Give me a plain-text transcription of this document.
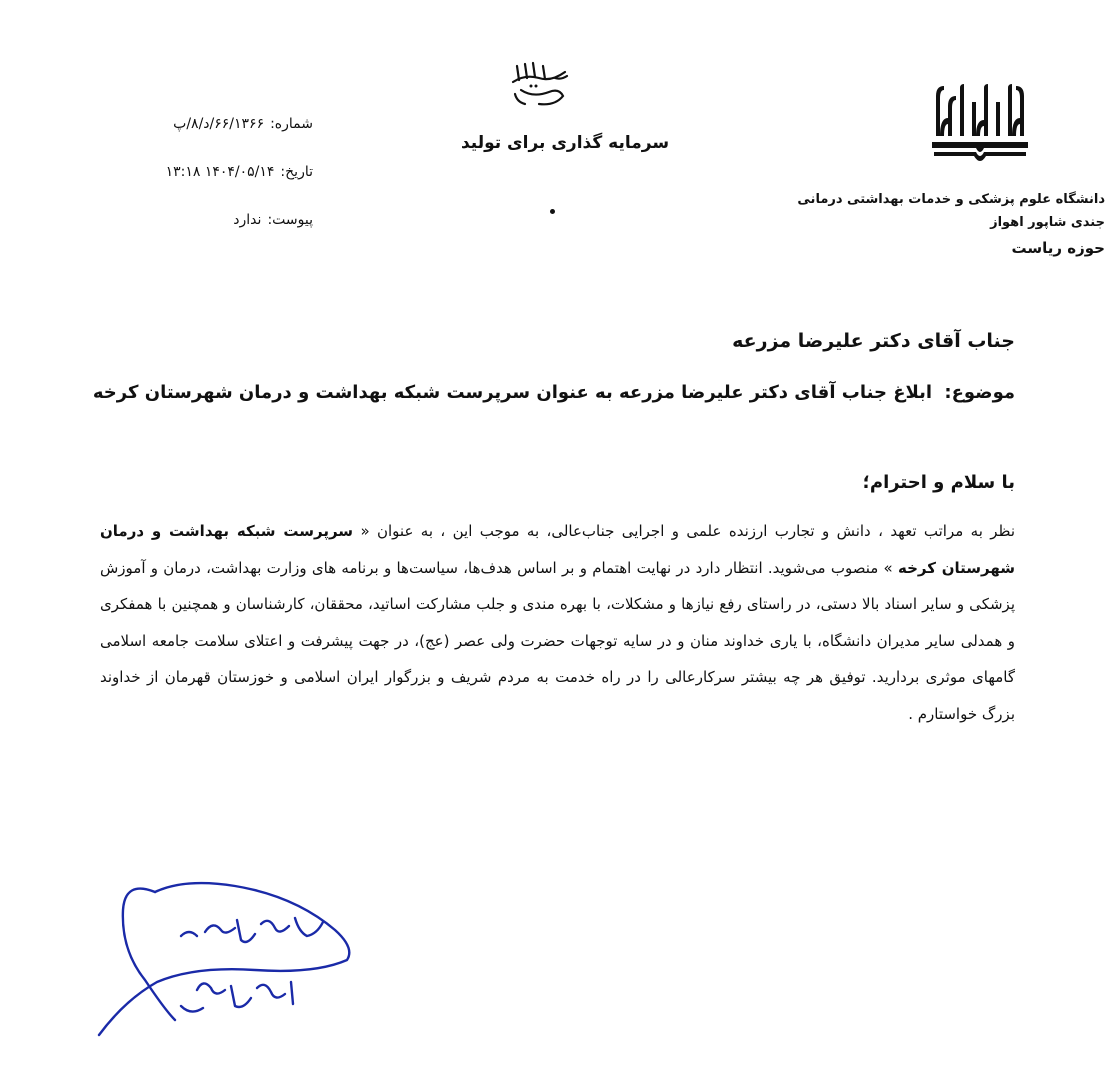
دانشگاه علوم پزشکی و خدمات بهداشتی درمانی
جندی شاپور اهواز
حوزه ریاست
سرمایه گذاری برای تولید
شماره:۶۶/۱۳۶۶/د/۸/پ
تاریخ:۱۴۰۴/۰۵/۱۴ ۱۳:۱۸
پیوست:ندارد
جناب آقای دکتر علیرضا مزرعه
موضوع: ابلاغ جناب آقای دکتر علیرضا مزرعه به عنوان سرپرست شبکه بهداشت و درمان شهرستان کرخه
با سلام و احترام؛
نظر به مراتب تعهد ، دانش و تجارب ارزنده علمی و اجرایی جناب‌عالی، به موجب این ، به عنوان « سرپرست شبکه بهداشت و درمان شهرستان کرخه » منصوب می‌شوید. انتظار دارد در نهایت اهتمام و بر اساس هدف‌ها، سیاست‌ها و برنامه های وزارت بهداشت، درمان و آموزش پزشکی و سایر اسناد بالا دستی، در راستای رفع نیازها و مشکلات، با بهره مندی و جلب مشارکت اساتید، محققان، کارشناسان و همچنین با همفکری و همدلی سایر مدیران دانشگاه، با یاری خداوند منان و در سایه توجهات حضرت ولی عصر (عج)، در جهت پیشرفت و اعتلای سلامت جامعه اسلامی گامهای موثری بردارید. توفیق هر چه بیشتر سرکارعالی را در راه خدمت به مردم شریف و بزرگوار ایران اسلامی و خوزستان قهرمان از خداوند بزرگ خواستارم .
